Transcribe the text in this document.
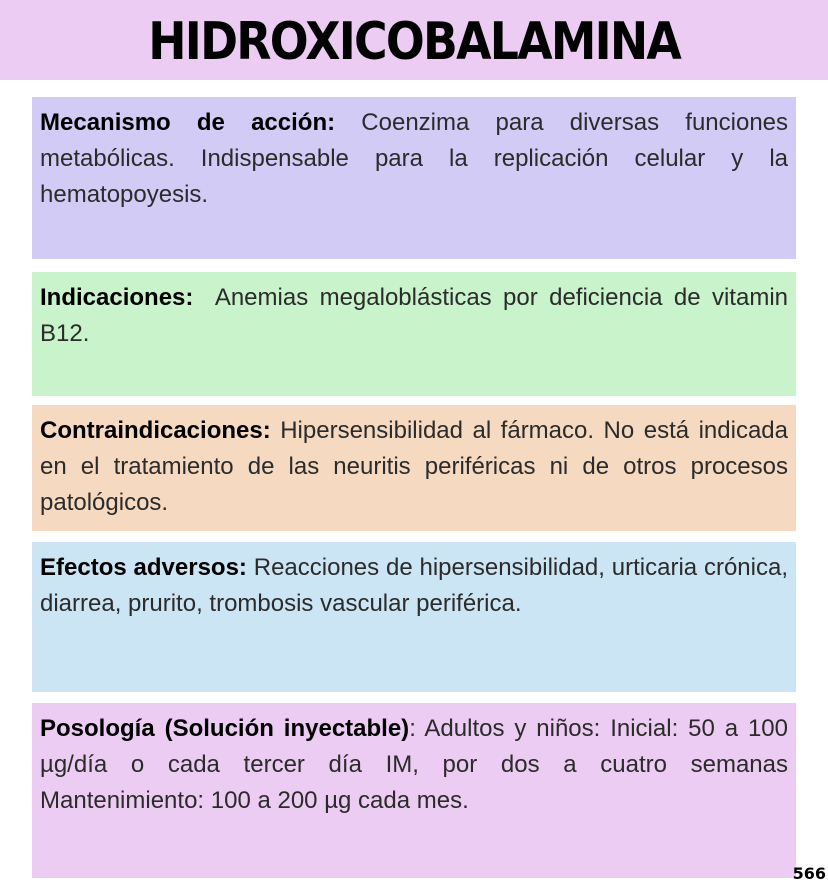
HIDROXICOBALAMINA
Mecanismo de acción: Coenzima para diversas funciones metabólicas. Indispensable para la replicación celular y la hematopoyesis.
Indicaciones:  Anemias megaloblásticas por deficiencia de vitamin B12.
Contraindicaciones: Hipersensibilidad al fármaco. No está indicada en el tratamiento de las neuritis periféricas ni de otros procesos patológicos.
Efectos adversos: Reacciones de hipersensibilidad, urticaria crónica, diarrea, prurito, trombosis vascular periférica.
Posología (Solución inyectable): Adultos y niños: Inicial: 50 a 100 µg/día o cada tercer día IM, por dos a cuatro semanas Mantenimiento: 100 a 200 µg cada mes.
566
